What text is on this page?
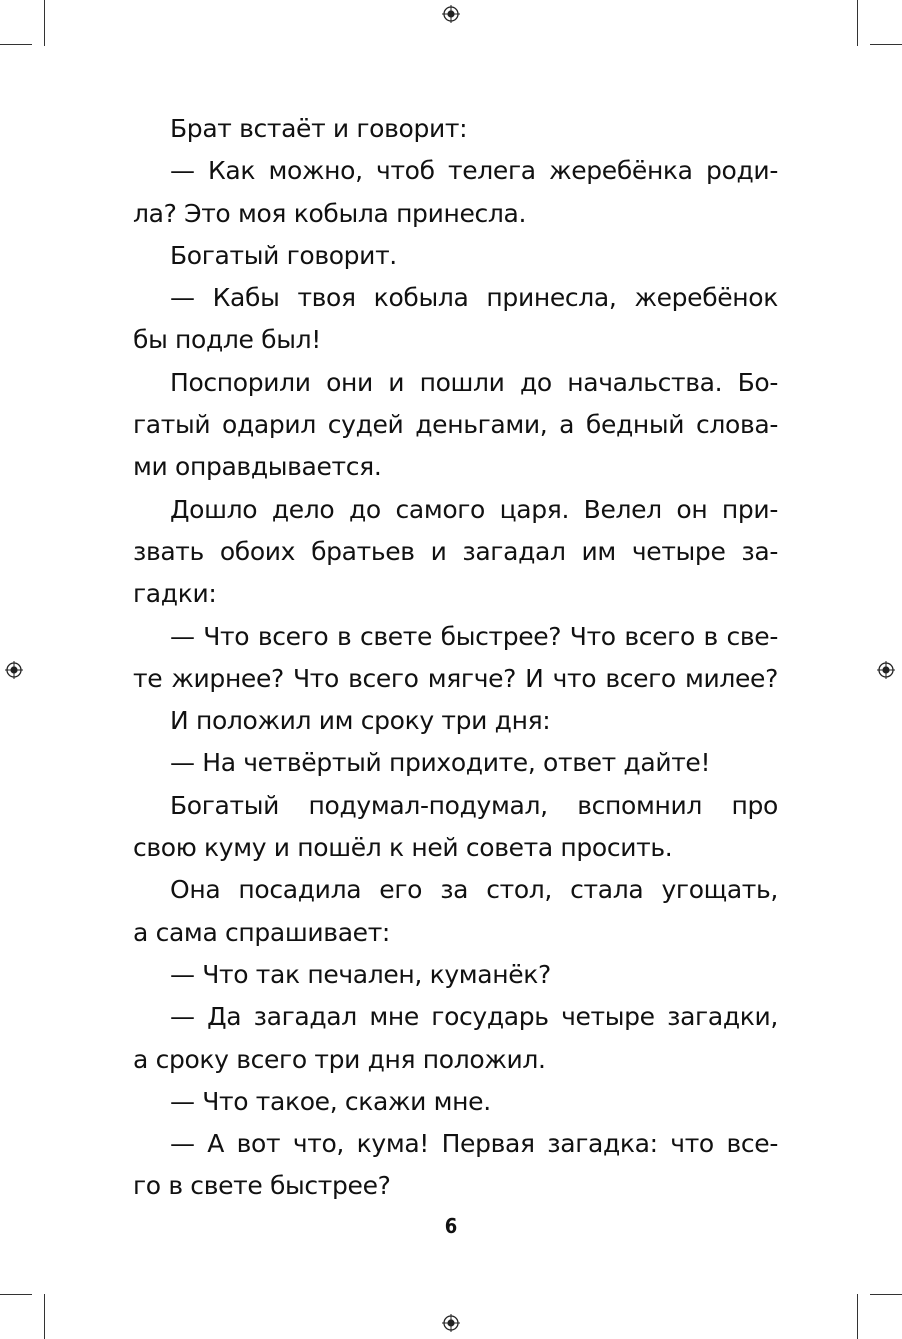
Брат встаёт и говорит:
— Как можно, чтоб телега жеребёнка роди-
ла? Это моя кобыла принесла.
Богатый говорит.
— Кабы твоя кобыла принесла, жеребёнок
бы подле был!
Поспорили они и пошли до начальства. Бо-
гатый одарил судей деньгами, а бедный слова-
ми оправдывается.
Дошло дело до самого царя. Велел он при-
звать обоих братьев и загадал им четыре за-
гадки:
— Что всего в свете быстрее? Что всего в све-
те жирнее? Что всего мягче? И что всего милее?
И положил им сроку три дня:
— На четвёртый приходите, ответ дайте!
Богатый подумал-подумал, вспомнил про
свою куму и пошёл к ней совета просить.
Она посадила его за стол, стала угощать,
а сама спрашивает:
— Что так печален, куманёк?
— Да загадал мне государь четыре загадки,
а сроку всего три дня положил.
— Что такое, скажи мне.
— А вот что, кума! Первая загадка: что все-
го в свете быстрее?
6
